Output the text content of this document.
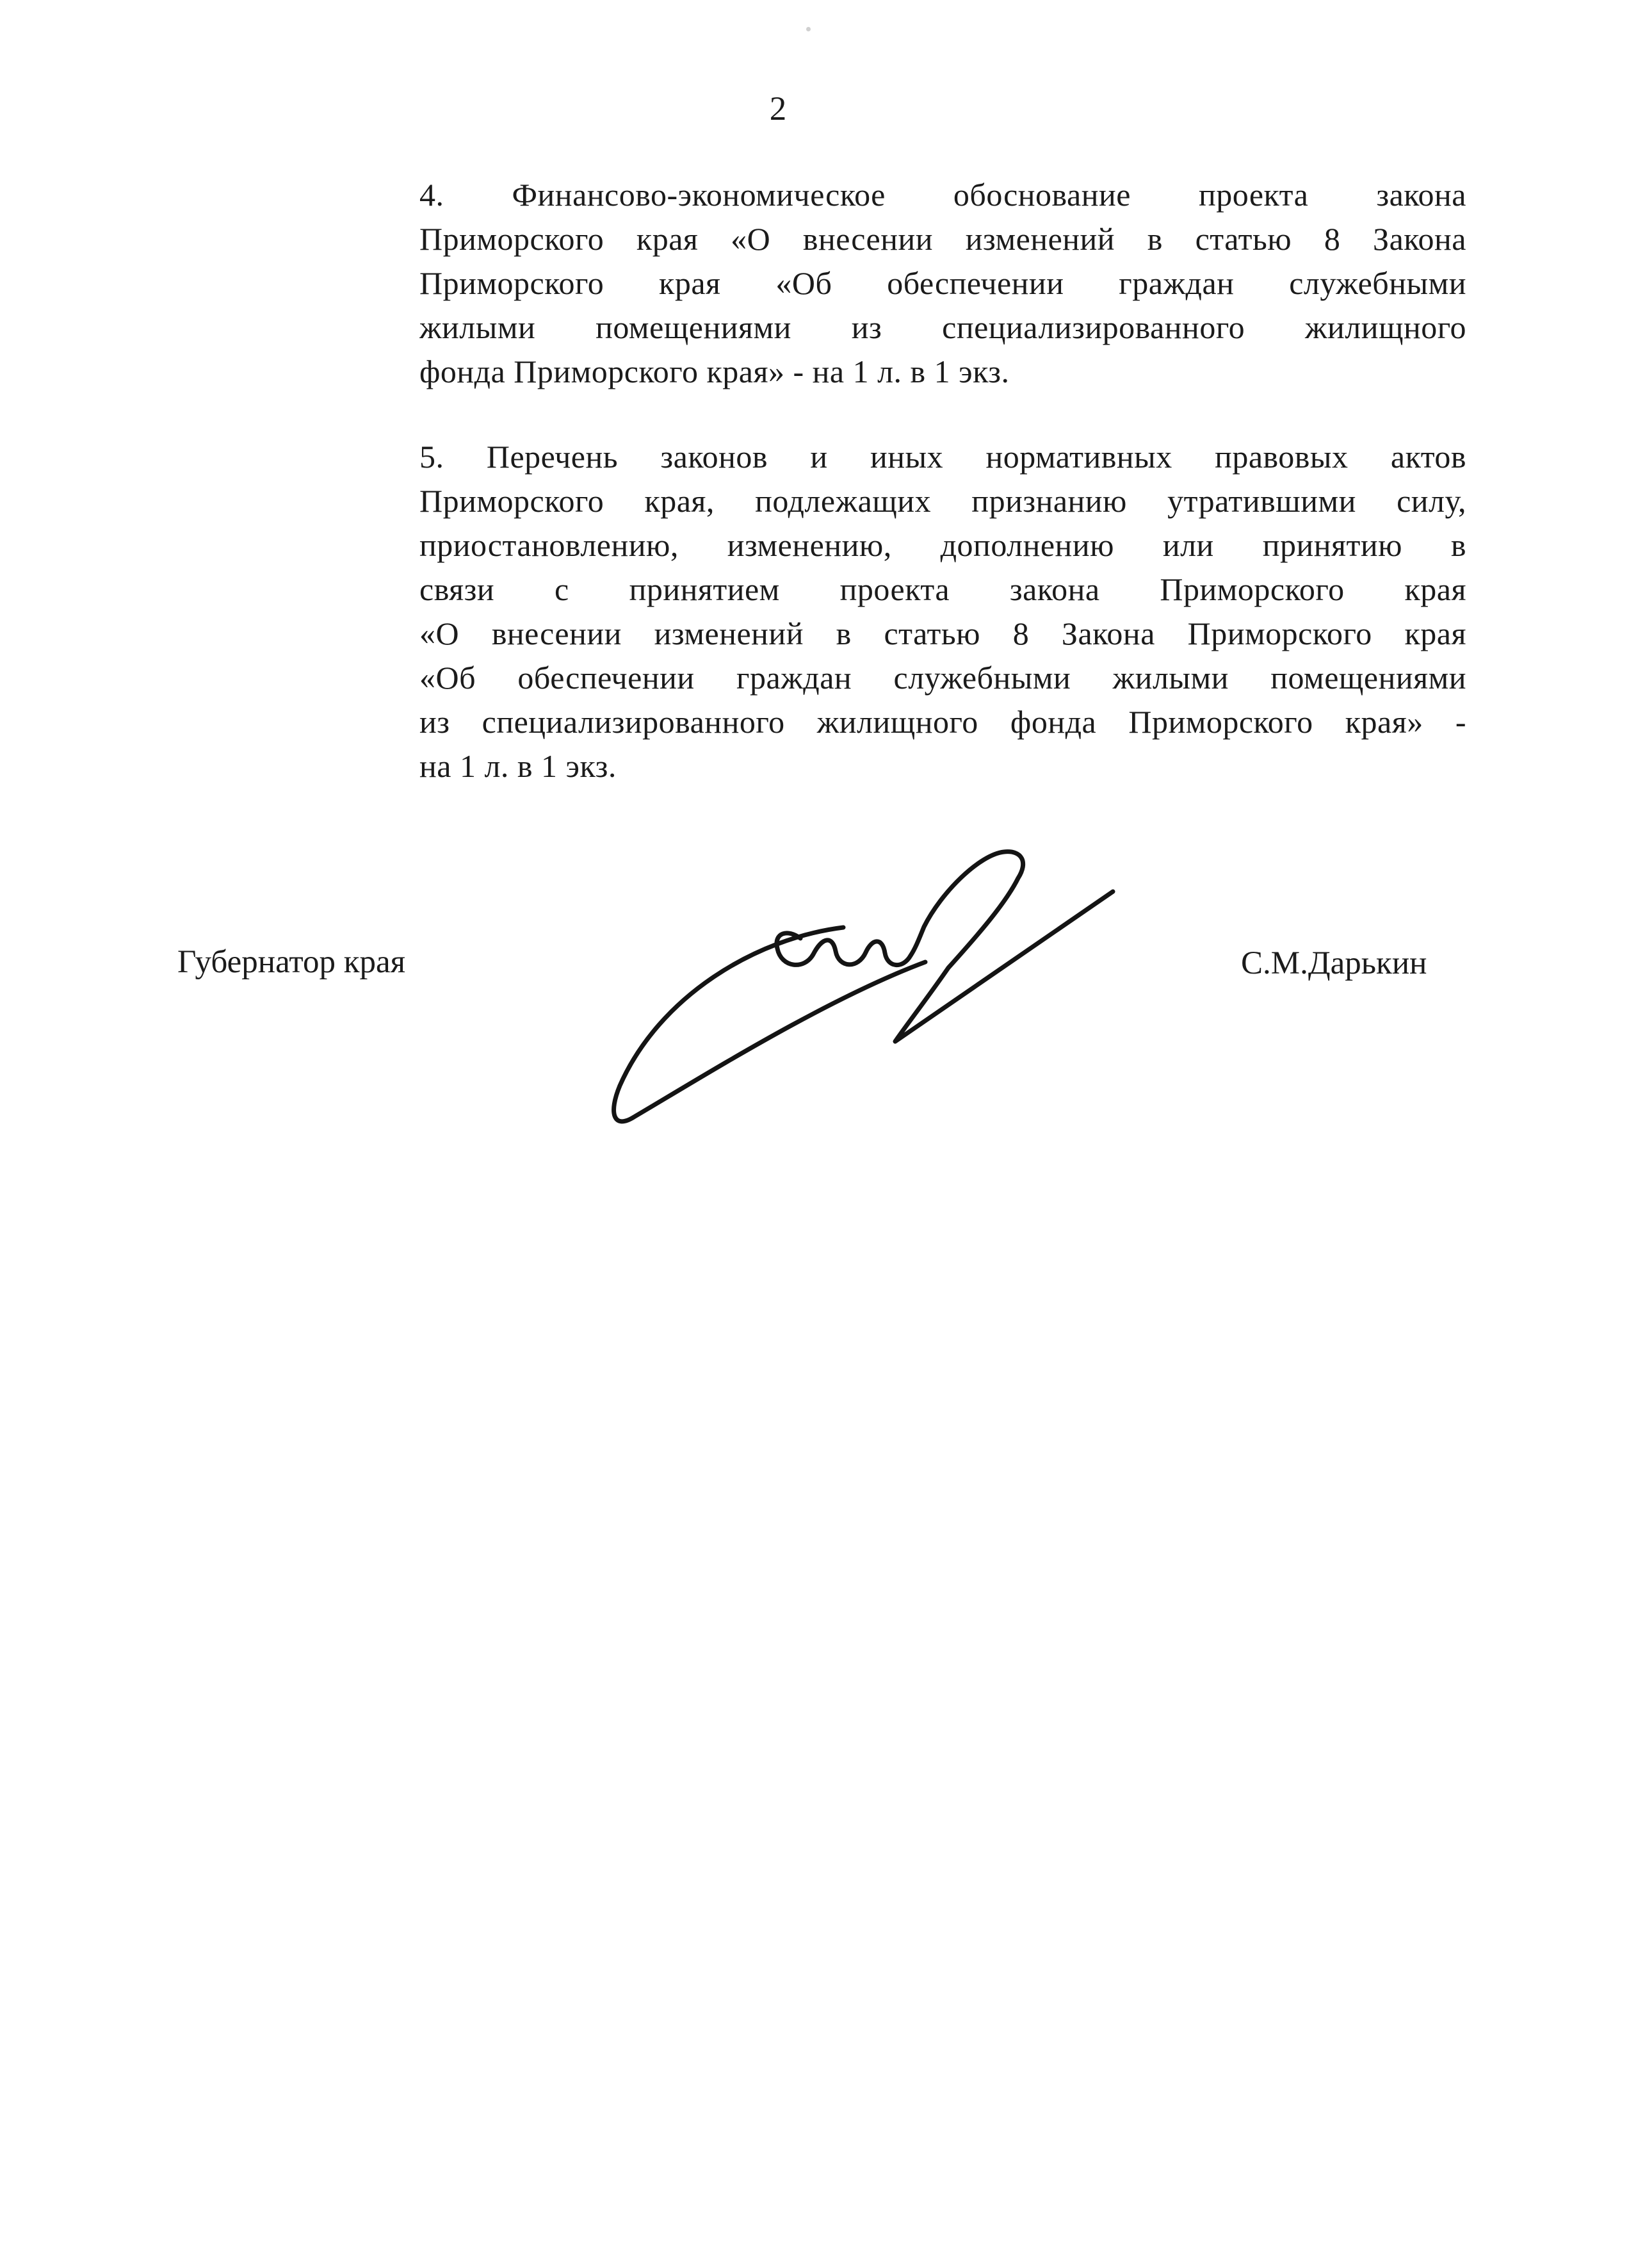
2
4. Финансово-экономическое обоснование проекта закона
Приморского края «О внесении изменений в статью 8 Закона
Приморского края «Об обеспечении граждан служебными
жилыми помещениями из специализированного жилищного
фонда Приморского края» - на 1 л. в 1 экз.
5. Перечень законов и иных нормативных правовых актов
Приморского края, подлежащих признанию утратившими силу,
приостановлению, изменению, дополнению или принятию в
связи с принятием проекта закона Приморского края
«О внесении изменений в статью 8 Закона Приморского края
«Об обеспечении граждан служебными жилыми помещениями
из специализированного жилищного фонда Приморского края» -
на 1 л. в 1 экз.
Губернатор края	С.М.Дарькин
